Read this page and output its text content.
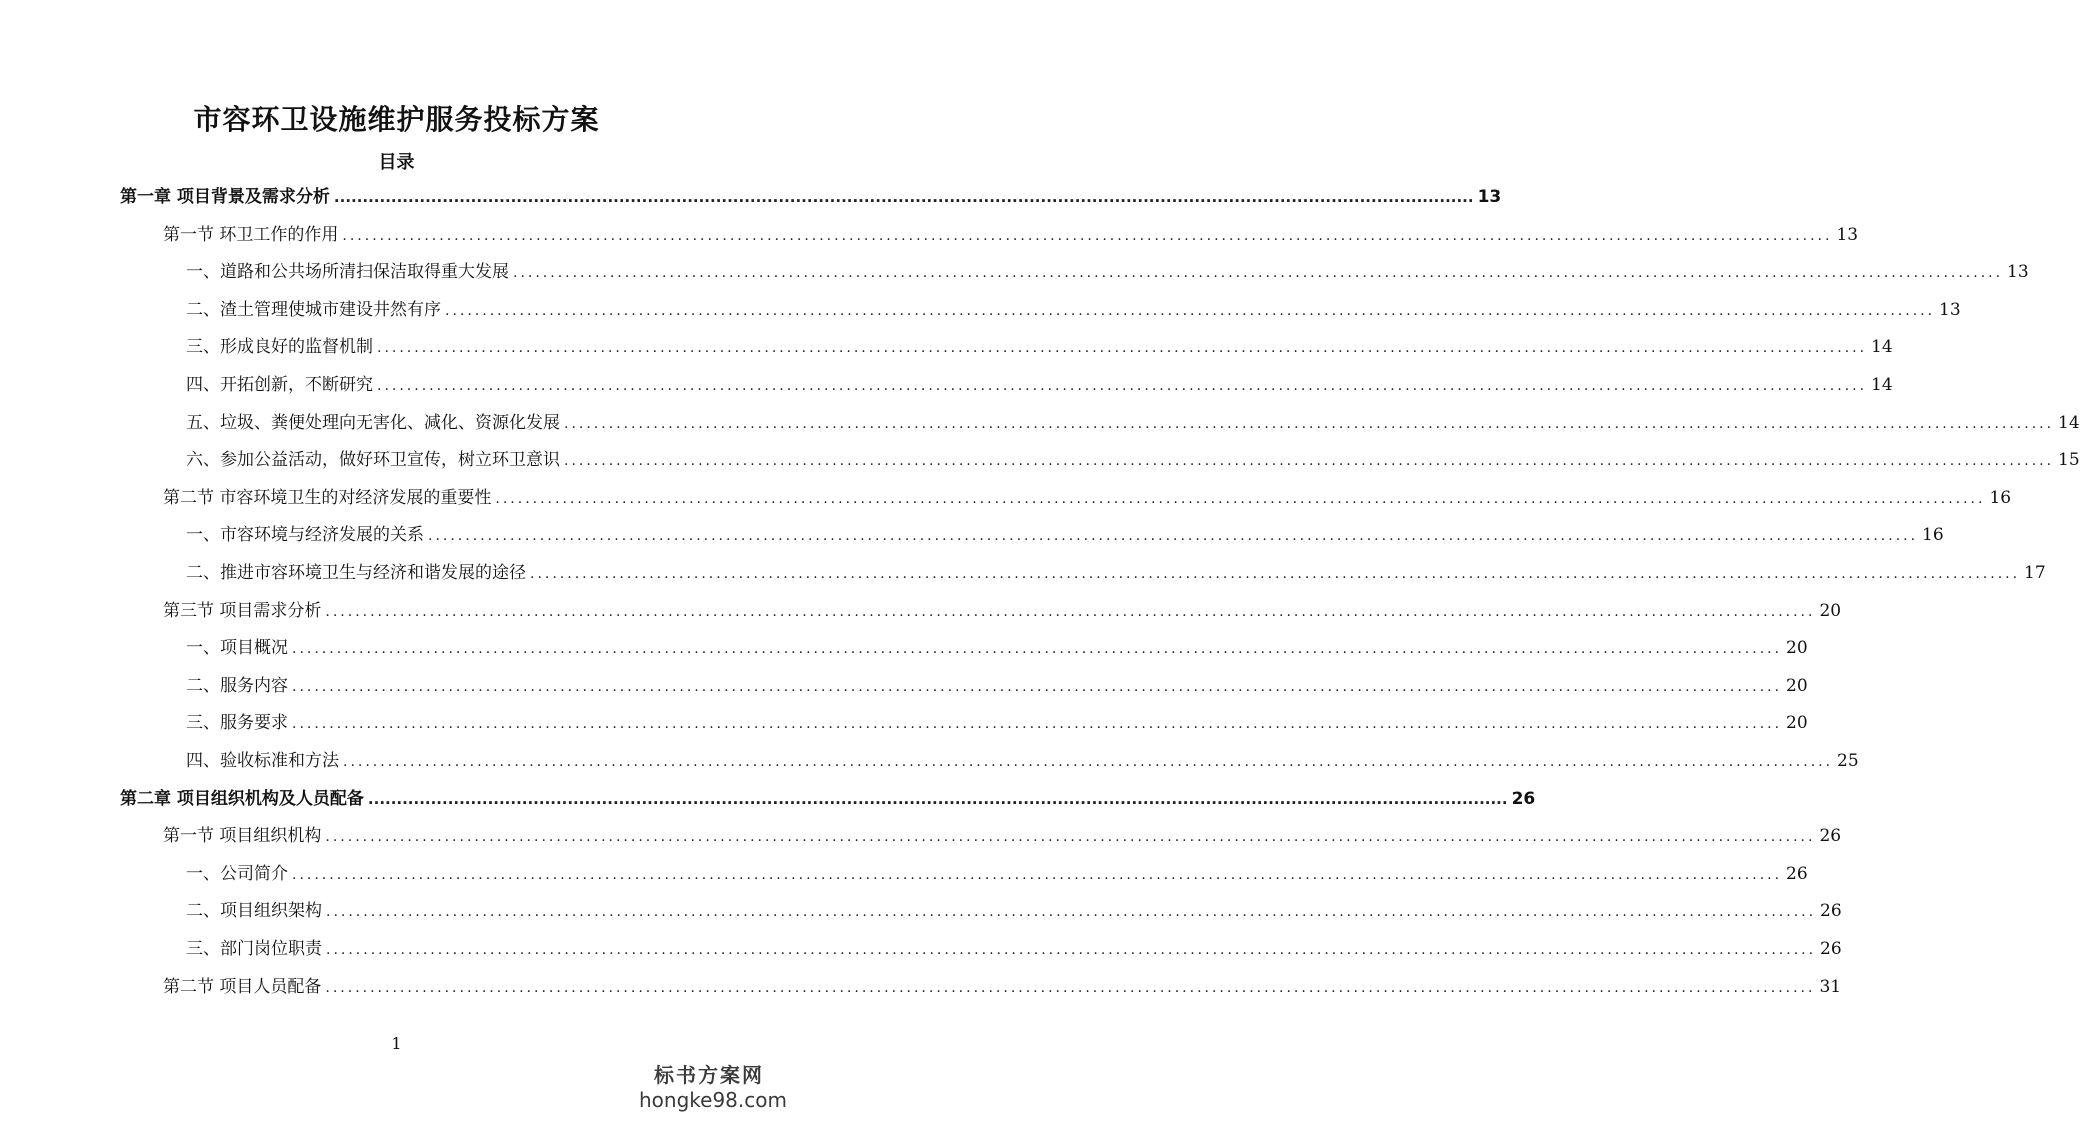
市容环卫设施维护服务投标方案
目录
第一章 项目背景及需求分析 ........................................................................................................................................................................................................ 13
第一节 环卫工作的作用 ........................................................................................................................................................................................................ 13
一、道路和公共场所清扫保洁取得重大发展 ........................................................................................................................................................................................................ 13
二、渣土管理使城市建设井然有序 ........................................................................................................................................................................................................ 13
三、形成良好的监督机制 ........................................................................................................................................................................................................ 14
四、开拓创新，不断研究 ........................................................................................................................................................................................................ 14
五、垃圾、粪便处理向无害化、减化、资源化发展 ........................................................................................................................................................................................................ 14
六、参加公益活动，做好环卫宣传，树立环卫意识 ........................................................................................................................................................................................................ 15
第二节 市容环境卫生的对经济发展的重要性 ........................................................................................................................................................................................................ 16
一、市容环境与经济发展的关系 ........................................................................................................................................................................................................ 16
二、推进市容环境卫生与经济和谐发展的途径 ........................................................................................................................................................................................................ 17
第三节 项目需求分析 ........................................................................................................................................................................................................ 20
一、项目概况 ........................................................................................................................................................................................................ 20
二、服务内容 ........................................................................................................................................................................................................ 20
三、服务要求 ........................................................................................................................................................................................................ 20
四、验收标准和方法 ........................................................................................................................................................................................................ 25
第二章 项目组织机构及人员配备 ........................................................................................................................................................................................................ 26
第一节 项目组织机构 ........................................................................................................................................................................................................ 26
一、公司简介 ........................................................................................................................................................................................................ 26
二、项目组织架构 ........................................................................................................................................................................................................ 26
三、部门岗位职责 ........................................................................................................................................................................................................ 26
第二节 项目人员配备 ........................................................................................................................................................................................................ 31
1
标书方案网
hongke98.com
